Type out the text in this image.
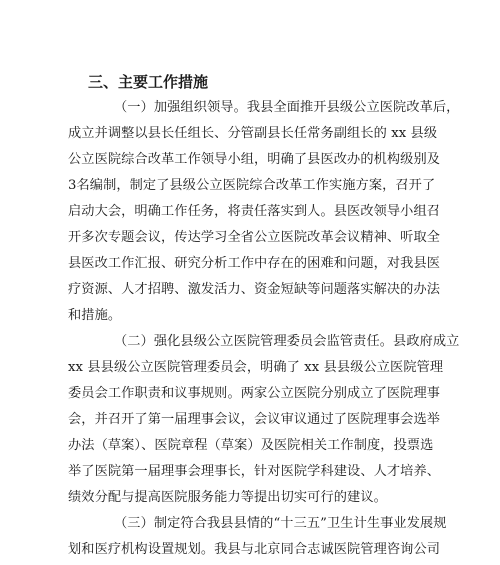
三、主要工作措施
（一）加强组织领导。我县全面推开县级公立医院改革后，
成立并调整以县长任组长、分管副县长任常务副组长的 xx 县级
公立医院综合改革工作领导小组，明确了县医改办的机构级别及
3名编制，制定了县级公立医院综合改革工作实施方案，召开了
启动大会，明确工作任务，将责任落实到人。县医改领导小组召
开多次专题会议，传达学习全省公立医院改革会议精神、听取全
县医改工作汇报、研究分析工作中存在的困难和问题，对我县医
疗资源、人才招聘、激发活力、资金短缺等问题落实解决的办法
和措施。
（二）强化县级公立医院管理委员会监管责任。县政府成立
xx 县县级公立医院管理委员会，明确了 xx 县县级公立医院管理
委员会工作职责和议事规则。两家公立医院分别成立了医院理事
会，并召开了第一届理事会议，会议审议通过了医院理事会选举
办法（草案）、医院章程（草案）及医院相关工作制度，投票选
举了医院第一届理事会理事长，针对医院学科建设、人才培养、
绩效分配与提高医院服务能力等提出切实可行的建议。
（三）制定符合我县县情的“十三五”卫生计生事业发展规
划和医疗机构设置规划。我县与北京同合志诚医院管理咨询公司
